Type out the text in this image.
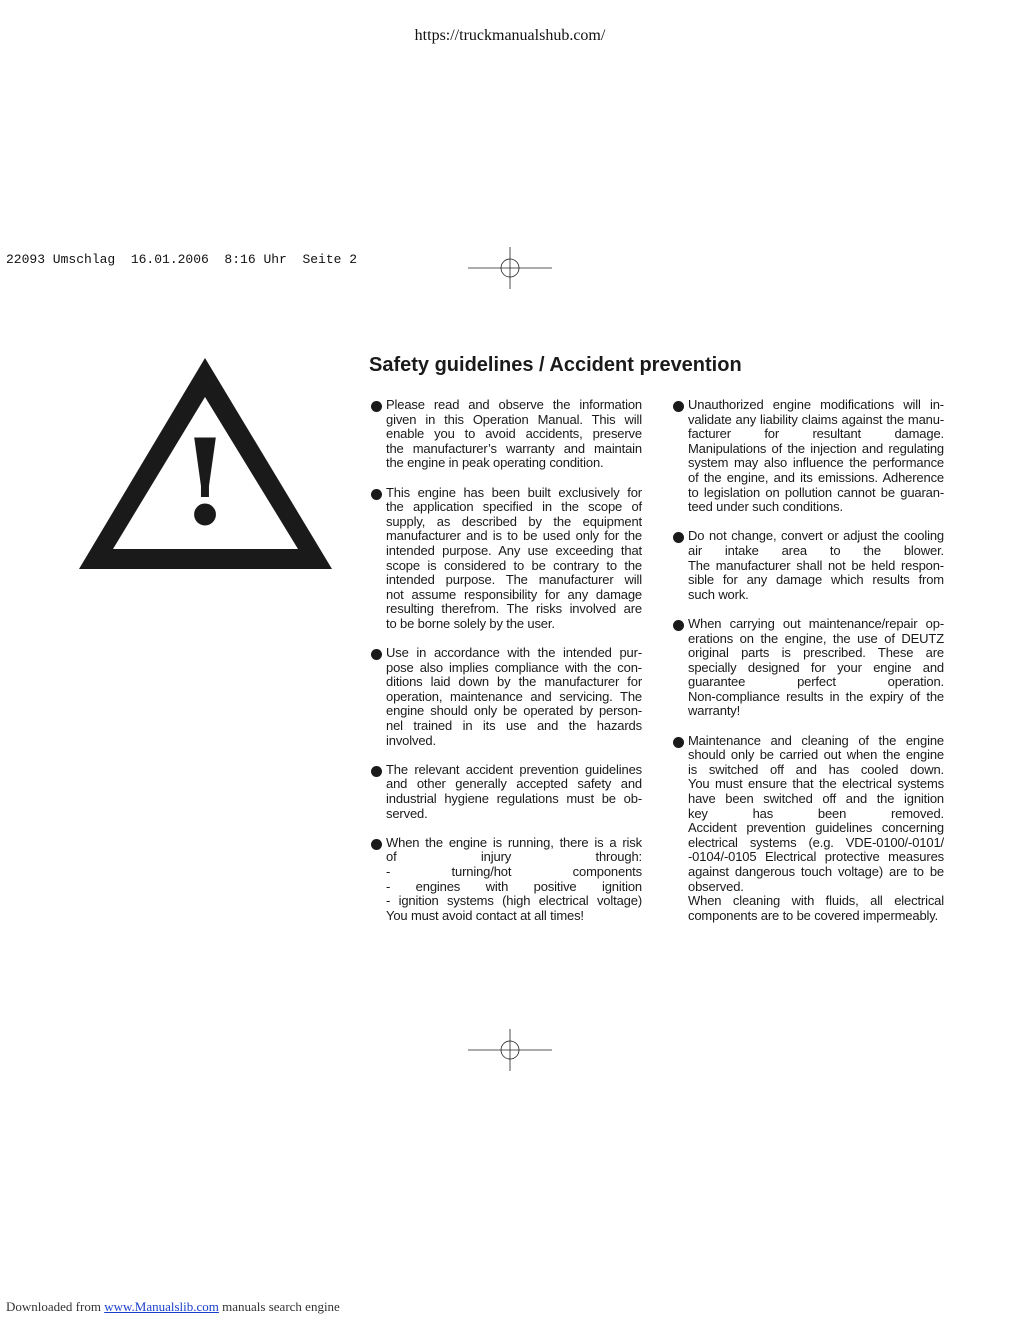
https://truckmanualshub.com/
22093 Umschlag  16.01.2006  8:16 Uhr  Seite 2
!
Safety guidelines / Accident prevention
Please read and observe the information
given in this Operation Manual. This will
enable you to avoid accidents, preserve
the manufacturer’s warranty and maintain
the engine in peak operating condition.
This engine has been built exclusively for
the application specified in the scope of
supply, as described by the equipment
manufacturer and is to be used only for the
intended purpose. Any use exceeding that
scope is considered to be contrary to the
intended purpose. The manufacturer will
not assume responsibility for any damage
resulting therefrom. The risks involved are
to be borne solely by the user.
Use in accordance with the intended pur-
pose also implies compliance with the con-
ditions laid down by the manufacturer for
operation, maintenance and servicing. The
engine should only be operated by person-
nel trained in its use and the hazards
involved.
The relevant accident prevention guidelines
and other generally accepted safety and
industrial hygiene regulations must be ob-
served.
When the engine is running, there is a risk
of injury through:
- turning/hot components
- engines with positive ignition
- ignition systems (high electrical voltage)
You must avoid contact at all times!
Unauthorized engine modifications will in-
validate any liability claims against the manu-
facturer for resultant damage.
Manipulations of the injection and regulating
system may also influence the performance
of the engine, and its emissions. Adherence
to legislation on pollution cannot be guaran-
teed under such conditions.
Do not change, convert or adjust the cooling
air intake area to the blower.
The manufacturer shall not be held respon-
sible for any damage which results from
such work.
When carrying out maintenance/repair op-
erations on the engine, the use of DEUTZ
original parts is prescribed. These are
specially designed for your engine and
guarantee perfect operation.
Non-compliance results in the expiry of the
warranty!
Maintenance and cleaning of the engine
should only be carried out when the engine
is switched off and has cooled down.
You must ensure that the electrical systems
have been switched off and the ignition
key has been removed.
Accident prevention guidelines concerning
electrical systems (e.g. VDE-0100/-0101/
-0104/-0105 Electrical protective measures
against dangerous touch voltage) are to be
observed.
When cleaning with fluids, all electrical
components are to be covered impermeably.
Downloaded from www.Manualslib.com manuals search engine
